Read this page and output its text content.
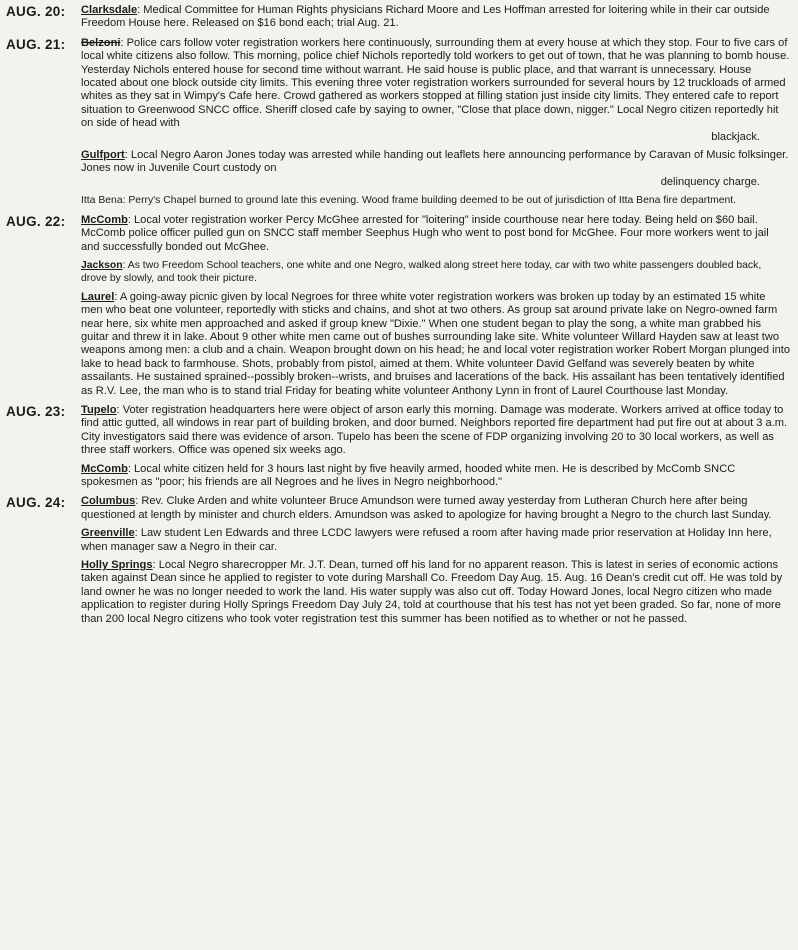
AUG. 20: Clarksdale: Medical Committee for Human Rights physicians Richard Moore and Les Hoffman arrested for loitering while in their car outside Freedom House here. Released on $16 bond each; trial Aug. 21.

AUG. 21: Belzoni: Police cars follow voter registration workers here continuously, surrounding them at every house at which they stop. Four to five cars of local white citizens also follow. This morning, police chief Nichols reportedly told workers to get out of town, that he was planning to bomb house. Yesterday Nichols entered house for second time without warrant. He said house is public place, and that warrant is unnecessary. House located about one block outside city limits. This evening three voter registration workers surrounded for several hours by 12 truckloads of armed whites as they sat in Wimpy's Cafe here. Crowd gathered as workers stopped at filling station just inside city limits. They entered cafe to report situation to Greenwood SNCC office. Sheriff closed cafe by saying to owner, "Close that place down, nigger." Local Negro citizen reportedly hit on side of head with
blackjack.

Gulfport: Local Negro Aaron Jones today was arrested while handing out leaflets here announcing performance by Caravan of Music folksinger. Jones now in Juvenile Court custody on
delinquency charge.

Itta Bena: Perry's Chapel burned to ground late this evening. Wood frame building deemed to be out of jurisdiction of Itta Bena fire department.

AUG. 22: McComb: Local voter registration worker Percy McGhee arrested for "loitering" inside courthouse near here today. Being held on $60 bail. McComb police officer pulled gun on SNCC staff member Seephus Hugh who went to post bond for McGhee. Four more workers went to jail and successfully bonded out McGhee.

Jackson: As two Freedom School teachers, one white and one Negro, walked along street here today, car with two white passengers doubled back, drove by slowly, and took their picture.

Laurel: A going-away picnic given by local Negroes for three white voter registration workers was broken up today by an estimated 15 white men who beat one volunteer, reportedly with sticks and chains, and shot at two others. As group sat around private lake on Negro-owned farm near here, six white men approached and asked if group knew "Dixie." When one student began to play the song, a white man grabbed his guitar and threw it in lake. About 9 other white men came out of bushes surrounding lake site. White volunteer Willard Hayden saw at least two weapons among men: a club and a chain. Weapon brought down on his head; he and local voter registration worker Robert Morgan plunged into lake to head back to farmhouse. Shots, probably from pistol, aimed at them. White volunteer David Gelfand was severely beaten by white assailants. He sustained sprained--possibly broken--wrists, and bruises and lacerations of the back. His assailant has been tentatively identified as R.V. Lee, the man who is to stand trial Friday for beating white volunteer Anthony Lynn in front of Laurel Courthouse last Monday.

AUG. 23: Tupelo: Voter registration headquarters here were object of arson early this morning. Damage was moderate. Workers arrived at office today to find attic gutted, all windows in rear part of building broken, and door burned. Neighbors reported fire department had put fire out at about 3 a.m. City investigators said there was evidence of arson. Tupelo has been the scene of FDP organizing involving 20 to 30 local workers, as well as three staff workers. Office was opened six weeks ago.

McComb: Local white citizen held for 3 hours last night by five heavily armed, hooded white men. He is described by McComb SNCC spokesmen as "poor; his friends are all Negroes and he lives in Negro neighborhood."

AUG. 24: Columbus: Rev. Cluke Arden and white volunteer Bruce Amundson were turned away yesterday from Lutheran Church here after being questioned at length by minister and church elders. Amundson was asked to apologize for having brought a Negro to the church last Sunday.

Greenville: Law student Len Edwards and three LCDC lawyers were refused a room after having made prior reservation at Holiday Inn here, when manager saw a Negro in their car.

Holly Springs: Local Negro sharecropper Mr. J.T. Dean, turned off his land for no apparent reason. This is latest in series of economic actions taken against Dean since he applied to register to vote during Marshall Co. Freedom Day Aug. 15. Aug. 16 Dean's credit cut off. He was told by land owner he was no longer needed to work the land. His water supply was also cut off. Today Howard Jones, local Negro citizen who made application to register during Holly Springs Freedom Day July 24, told at courthouse that his test has not yet been graded. So far, none of more than 200 local Negro citizens who took voter registration test this summer has been notified as to whether or not he passed.
